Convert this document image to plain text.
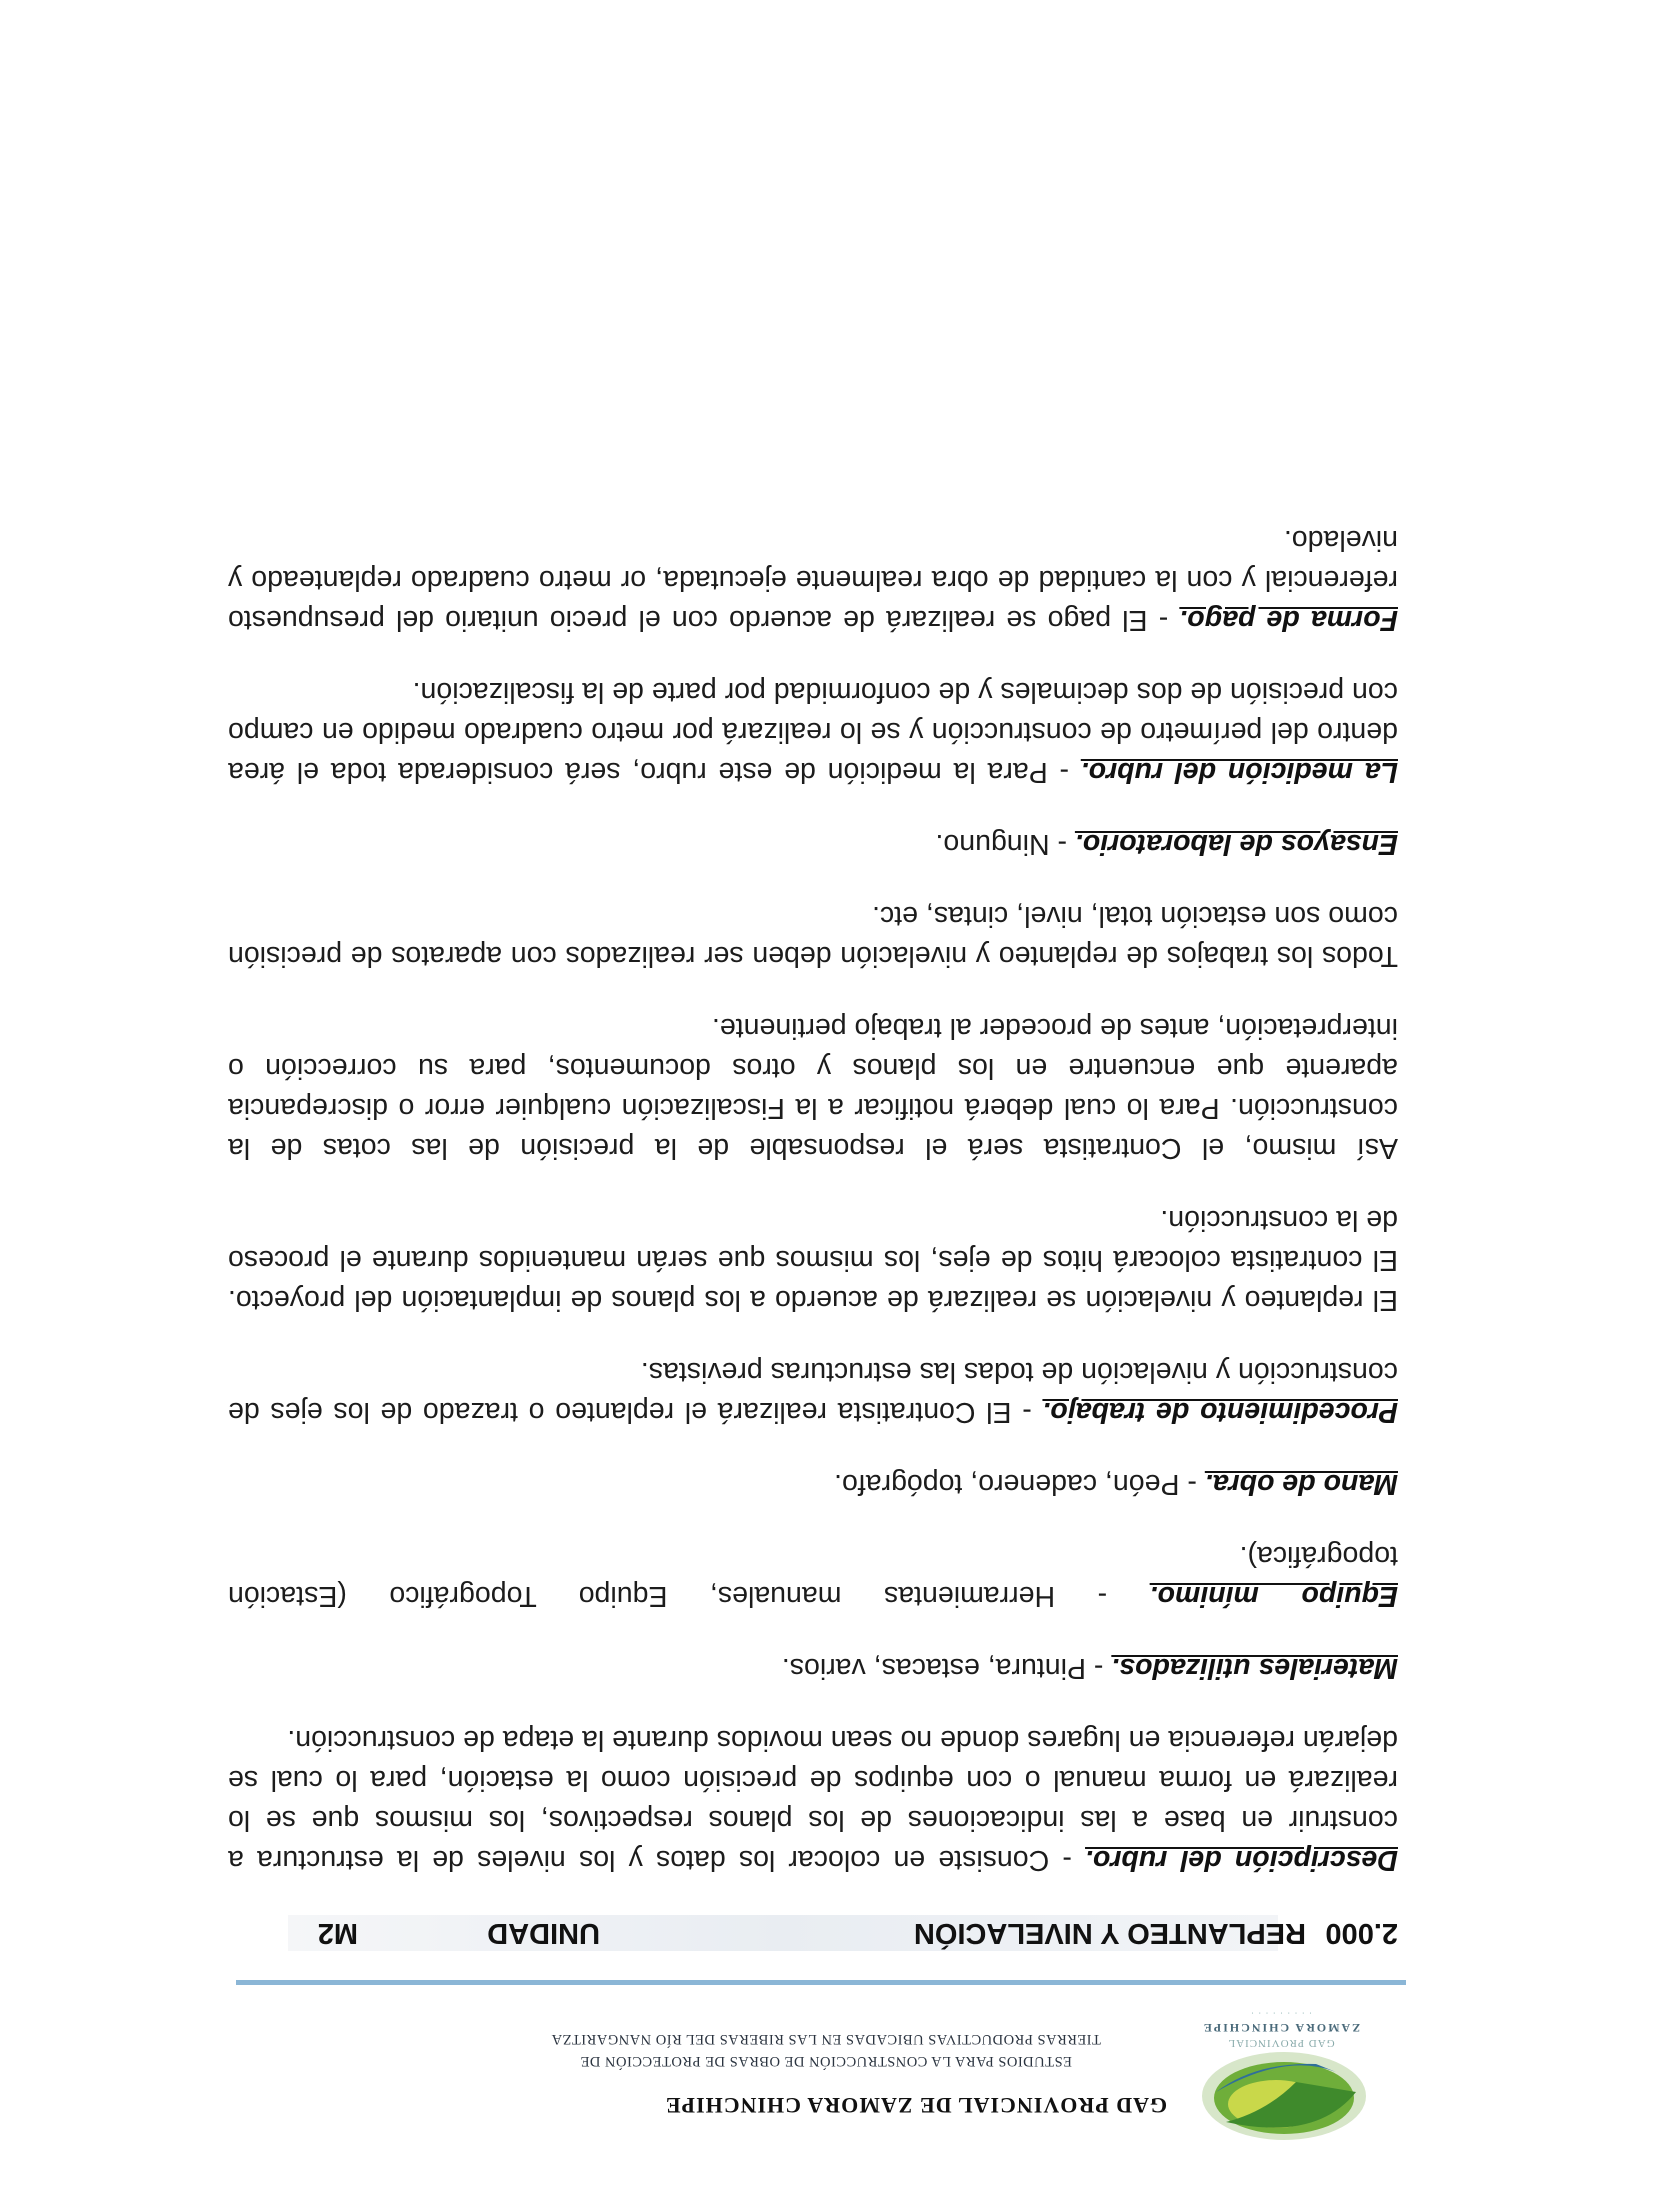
GAD PROVINCIAL
ZAMORA CHINCHIPE
· · · · · · · · ·
GAD PROVINCIAL DE ZAMORA CHINCHIPE
ESTUDIOS PARA LA CONSTRUCCIÓN DE OBRAS DE PROTECCIÓN DE
TIERRAS PRODUCTIVAS UBICADAS EN LAS RIBERAS DEL RÍO NANGARITZA
2.000
REPLANTEO Y NIVELACIÓN
UNIDAD
M2

Descripción del rubro. - Consiste en colocar los datos y los niveles de la estructura a construir en base a las indicaciones de los planos respectivos, los mismos que se lo realizará en forma manual o con equipos de precisión como la estación, para lo cual se dejarán referencia en lugares donde no sean movidos durante la etapa de construcción.

Materiales utilizados. - Pintura, estacas, varios.

Equipo   mínimo.   -   Herramientas   manuales,   Equipo   Topográfico   (Estación topográfica).

Mano de obra. - Peón, cadenero, topógrafo.

Procedimiento de trabajo. - El Contratista realizará el replanteo o trazado de los ejes de construcción y nivelación de todas las estructuras previstas.

El replanteo y nivelación se realizará de acuerdo a los planos de implantación del proyecto. El contratista colocará hitos de ejes, los mismos que serán mantenidos durante el proceso de la construcción.

Así mismo, el Contratista será el responsable de la precisión de las cotas de la construcción. Para lo cual deberá notificar a la Fiscalización cualquier error o discrepancia aparente que encuentre en los planos y otros documentos, para su corrección o interpretación, antes de proceder al trabajo pertinente.

Todos los trabajos de replanteo y nivelación deben ser realizados con aparatos de precisión como son estación total, nivel, cintas, etc.

Ensayos de laboratorio. - Ninguno.

La medición del rubro. - Para la medición de este rubro, será considerada toda el área dentro del perímetro de construcción y se lo realizará por metro cuadrado medido en campo con precisión de dos decimales y de conformidad por parte de la fiscalización.

Forma de pago. - El pago se realizará de acuerdo con el precio unitario del presupuesto referencial y con la cantidad de obra realmente ejecutada, or metro cuadrado replanteado y nivelado.
